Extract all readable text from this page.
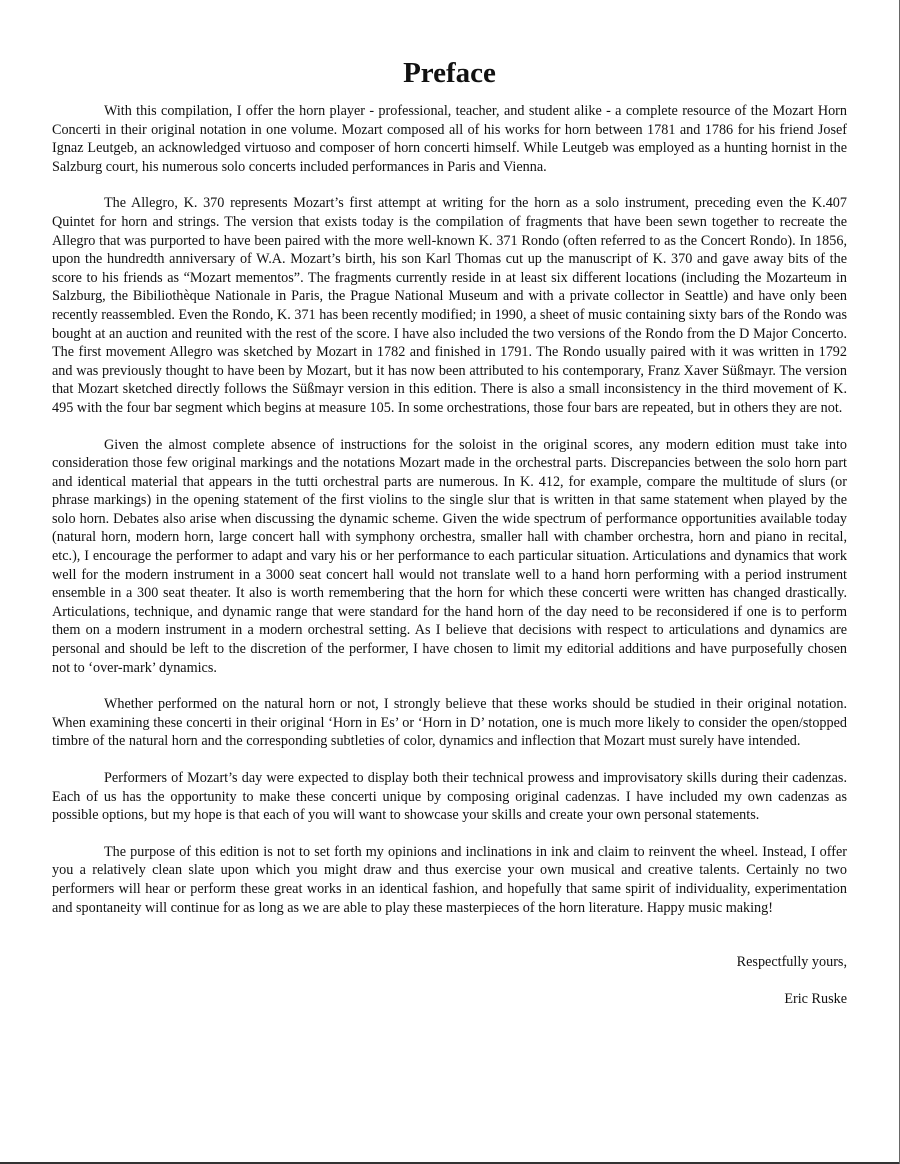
Preface

With this compilation, I offer the horn player - professional, teacher, and student alike - a complete resource of the Mozart Horn Concerti in their original notation in one volume. Mozart composed all of his works for horn between 1781 and 1786 for his friend Josef Ignaz Leutgeb, an acknowledged virtuoso and composer of horn concerti himself. While Leutgeb was employed as a hunting hornist in the Salzburg court, his numerous solo concerts included performances in Paris and Vienna.

The Allegro, K. 370 represents Mozart’s first attempt at writing for the horn as a solo instrument, preceding even the K.407 Quintet for horn and strings. The version that exists today is the compilation of fragments that have been sewn together to recreate the Allegro that was purported to have been paired with the more well-known K. 371 Rondo (often referred to as the Concert Rondo). In 1856, upon the hundredth anniversary of W.A. Mozart’s birth, his son Karl Thomas cut up the manuscript of K. 370 and gave away bits of the score to his friends as “Mozart mementos”. The fragments currently reside in at least six different locations (including the Mozarteum in Salzburg, the Bibiliothèque Nationale in Paris, the Prague National Museum and with a private collector in Seattle) and have only been recently reassembled. Even the Rondo, K. 371 has been recently modified; in 1990, a sheet of music containing sixty bars of the Rondo was bought at an auction and reunited with the rest of the score. I have also included the two versions of the Rondo from the D Major Concerto. The first movement Allegro was sketched by Mozart in 1782 and finished in 1791. The Rondo usually paired with it was written in 1792 and was previously thought to have been by Mozart, but it has now been attributed to his contemporary, Franz Xaver Süßmayr. The version that Mozart sketched directly follows the Süßmayr version in this edition. There is also a small inconsistency in the third movement of K. 495 with the four bar segment which begins at measure 105. In some orchestrations, those four bars are repeated, but in others they are not.

Given the almost complete absence of instructions for the soloist in the original scores, any modern edition must take into consideration those few original markings and the notations Mozart made in the orchestral parts. Discrepancies between the solo horn part and identical material that appears in the tutti orchestral parts are numerous. In K. 412, for example, compare the multitude of slurs (or phrase markings) in the opening statement of the first violins to the single slur that is written in that same statement when played by the solo horn. Debates also arise when discussing the dynamic scheme. Given the wide spectrum of performance opportunities available today (natural horn, modern horn, large concert hall with symphony orchestra, smaller hall with chamber orchestra, horn and piano in recital, etc.), I encourage the performer to adapt and vary his or her performance to each particular situation. Articulations and dynamics that work well for the modern instrument in a 3000 seat concert hall would not translate well to a hand horn performing with a period instrument ensemble in a 300 seat theater. It also is worth remembering that the horn for which these concerti were written has changed drastically. Articulations, technique, and dynamic range that were standard for the hand horn of the day need to be reconsidered if one is to perform them on a modern instrument in a modern orchestral setting. As I believe that decisions with respect to articulations and dynamics are personal and should be left to the discretion of the performer, I have chosen to limit my editorial additions and have purposefully chosen not to ‘over-mark’ dynamics.

Whether performed on the natural horn or not, I strongly believe that these works should be studied in their original notation. When examining these concerti in their original ‘Horn in Es’ or ‘Horn in D’ notation, one is much more likely to consider the open/stopped timbre of the natural horn and the corresponding subtleties of color, dynamics and inflection that Mozart must surely have intended.

Performers of Mozart’s day were expected to display both their technical prowess and improvisatory skills during their cadenzas. Each of us has the opportunity to make these concerti unique by composing original cadenzas. I have included my own cadenzas as possible options, but my hope is that each of you will want to showcase your skills and create your own personal statements.

The purpose of this edition is not to set forth my opinions and inclinations in ink and claim to reinvent the wheel. Instead, I offer you a relatively clean slate upon which you might draw and thus exercise your own musical and creative talents. Certainly no two performers will hear or perform these great works in an identical fashion, and hopefully that same spirit of individuality, experimentation and spontaneity will continue for as long as we are able to play these masterpieces of the horn literature. Happy music making!

Respectfully yours,
Eric Ruske
